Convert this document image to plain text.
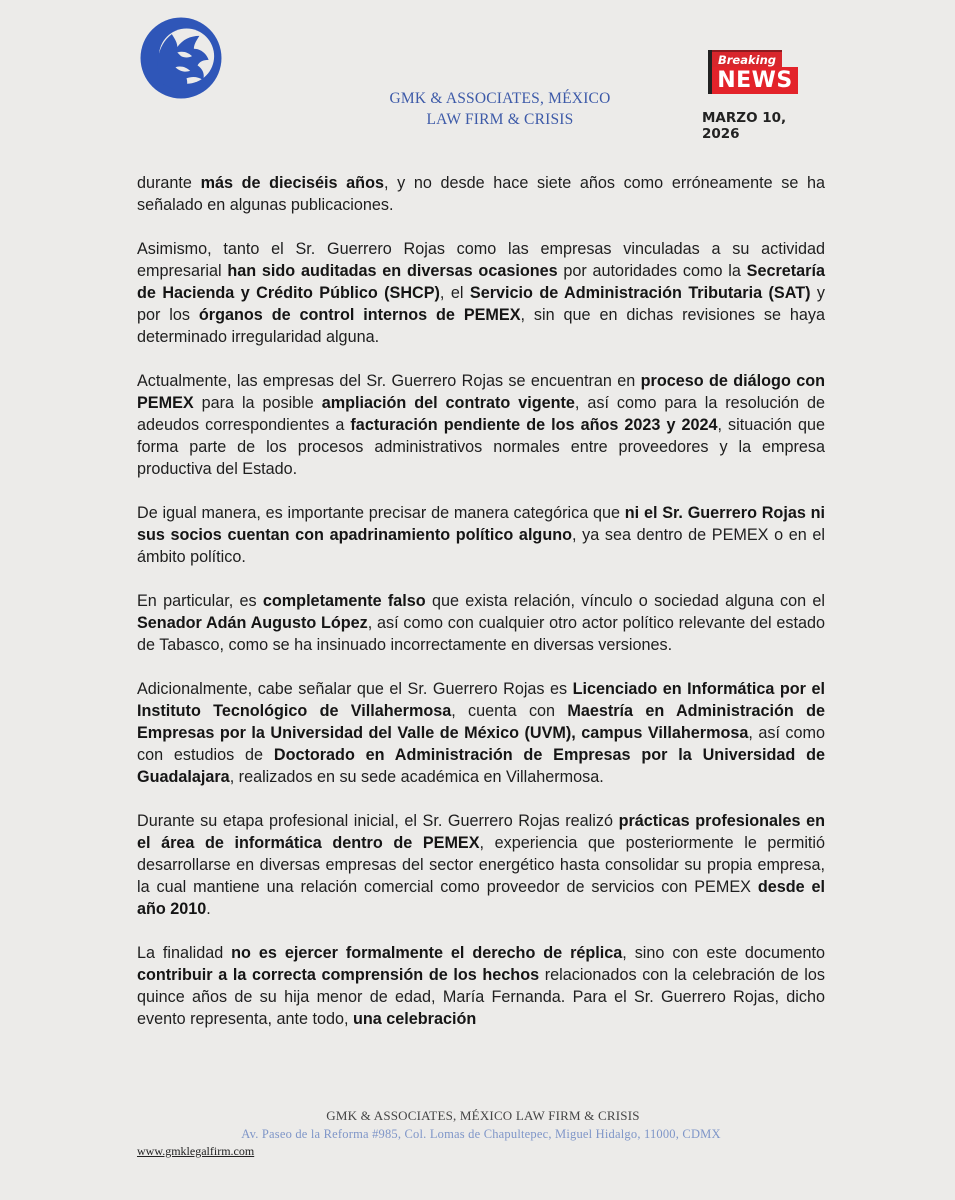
GMK & ASSOCIATES, MÉXICO
LAW FIRM & CRISIS
Breaking
NEWS
MARZO 10, 2026

durante más de dieciséis años, y no desde hace siete años como erróneamente se ha señalado en algunas publicaciones.

Asimismo, tanto el Sr. Guerrero Rojas como las empresas vinculadas a su actividad empresarial han sido auditadas en diversas ocasiones por autoridades como la Secretaría de Hacienda y Crédito Público (SHCP), el Servicio de Administración Tributaria (SAT) y por los órganos de control internos de PEMEX, sin que en dichas revisiones se haya determinado irregularidad alguna.

Actualmente, las empresas del Sr. Guerrero Rojas se encuentran en proceso de diálogo con PEMEX para la posible ampliación del contrato vigente, así como para la resolución de adeudos correspondientes a facturación pendiente de los años 2023 y 2024, situación que forma parte de los procesos administrativos normales entre proveedores y la empresa productiva del Estado.

De igual manera, es importante precisar de manera categórica que ni el Sr. Guerrero Rojas ni sus socios cuentan con apadrinamiento político alguno, ya sea dentro de PEMEX o en el ámbito político.

En particular, es completamente falso que exista relación, vínculo o sociedad alguna con el Senador Adán Augusto López, así como con cualquier otro actor político relevante del estado de Tabasco, como se ha insinuado incorrectamente en diversas versiones.

Adicionalmente, cabe señalar que el Sr. Guerrero Rojas es Licenciado en Informática por el Instituto Tecnológico de Villahermosa, cuenta con Maestría en Administración de Empresas por la Universidad del Valle de México (UVM), campus Villahermosa, así como con estudios de Doctorado en Administración de Empresas por la Universidad de Guadalajara, realizados en su sede académica en Villahermosa.

Durante su etapa profesional inicial, el Sr. Guerrero Rojas realizó prácticas profesionales en el área de informática dentro de PEMEX, experiencia que posteriormente le permitió desarrollarse en diversas empresas del sector energético hasta consolidar su propia empresa, la cual mantiene una relación comercial como proveedor de servicios con PEMEX desde el año 2010.

La finalidad no es ejercer formalmente el derecho de réplica, sino con este documento contribuir a la correcta comprensión de los hechos relacionados con la celebración de los quince años de su hija menor de edad, María Fernanda. Para el Sr. Guerrero Rojas, dicho evento representa, ante todo, una celebración

GMK & ASSOCIATES, MÉXICO LAW FIRM & CRISIS
Av. Paseo de la Reforma #985, Col. Lomas de Chapultepec, Miguel Hidalgo, 11000, CDMX
www.gmklegalfirm.com
